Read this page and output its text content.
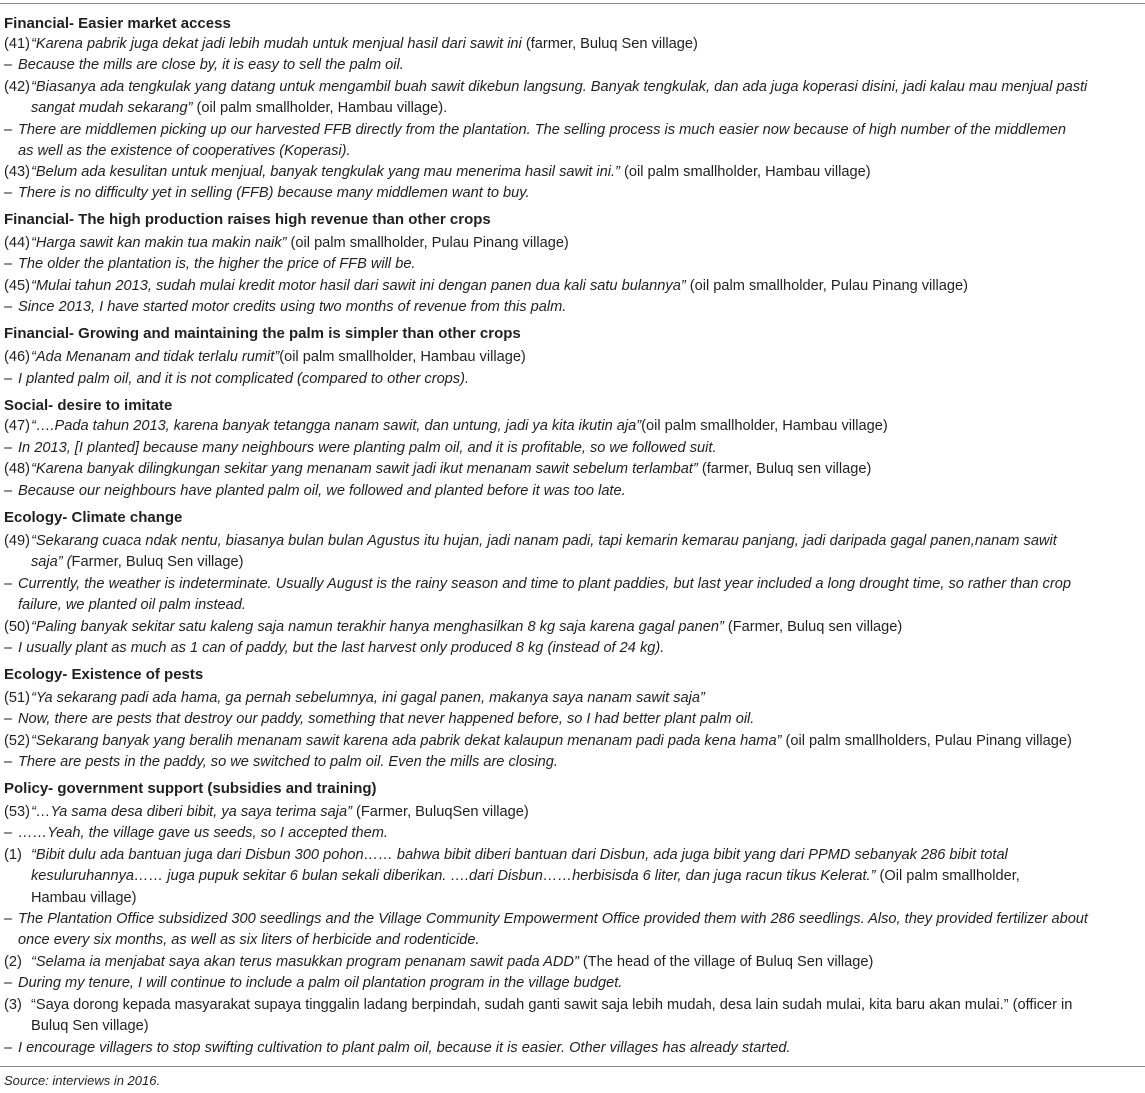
Financial- Easier market access
(41) “Karena pabrik juga dekat jadi lebih mudah untuk menjual hasil dari sawit ini (farmer, Buluq Sen village)
– Because the mills are close by, it is easy to sell the palm oil.
(42) “Biasanya ada tengkulak yang datang untuk mengambil buah sawit dikebun langsung. Banyak tengkulak, dan ada juga koperasi disini, jadi kalau mau menjual pasti
sangat mudah sekarang” (oil palm smallholder, Hambau village).
– There are middlemen picking up our harvested FFB directly from the plantation. The selling process is much easier now because of high number of the middlemen
as well as the existence of cooperatives (Koperasi).
(43) “Belum ada kesulitan untuk menjual, banyak tengkulak yang mau menerima hasil sawit ini.” (oil palm smallholder, Hambau village)
– There is no difficulty yet in selling (FFB) because many middlemen want to buy.
Financial- The high production raises high revenue than other crops
(44) “Harga sawit kan makin tua makin naik” (oil palm smallholder, Pulau Pinang village)
– The older the plantation is, the higher the price of FFB will be.
(45) “Mulai tahun 2013, sudah mulai kredit motor hasil dari sawit ini dengan panen dua kali satu bulannya” (oil palm smallholder, Pulau Pinang village)
– Since 2013, I have started motor credits using two months of revenue from this palm.
Financial- Growing and maintaining the palm is simpler than other crops
(46) “Ada Menanam and tidak terlalu rumit”(oil palm smallholder, Hambau village)
– I planted palm oil, and it is not complicated (compared to other crops).
Social- desire to imitate
(47) “….Pada tahun 2013, karena banyak tetangga nanam sawit, dan untung, jadi ya kita ikutin aja”(oil palm smallholder, Hambau village)
– In 2013, [I planted] because many neighbours were planting palm oil, and it is profitable, so we followed suit.
(48) “Karena banyak dilingkungan sekitar yang menanam sawit jadi ikut menanam sawit sebelum terlambat” (farmer, Buluq sen village)
– Because our neighbours have planted palm oil, we followed and planted before it was too late.
Ecology- Climate change
(49) “Sekarang cuaca ndak nentu, biasanya bulan bulan Agustus itu hujan, jadi nanam padi, tapi kemarin kemarau panjang, jadi daripada gagal panen,nanam sawit
saja” (Farmer, Buluq Sen village)
– Currently, the weather is indeterminate. Usually August is the rainy season and time to plant paddies, but last year included a long drought time, so rather than crop
failure, we planted oil palm instead.
(50) “Paling banyak sekitar satu kaleng saja namun terakhir hanya menghasilkan 8 kg saja karena gagal panen” (Farmer, Buluq sen village)
– I usually plant as much as 1 can of paddy, but the last harvest only produced 8 kg (instead of 24 kg).
Ecology- Existence of pests
(51) “Ya sekarang padi ada hama, ga pernah sebelumnya, ini gagal panen, makanya saya nanam sawit saja”
– Now, there are pests that destroy our paddy, something that never happened before, so I had better plant palm oil.
(52) “Sekarang banyak yang beralih menanam sawit karena ada pabrik dekat kalaupun menanam padi pada kena hama” (oil palm smallholders, Pulau Pinang village)
– There are pests in the paddy, so we switched to palm oil. Even the mills are closing.
Policy- government support (subsidies and training)
(53) “…Ya sama desa diberi bibit, ya saya terima saja” (Farmer, BuluqSen village)
– ……Yeah, the village gave us seeds, so I accepted them.
(1) “Bibit dulu ada bantuan juga dari Disbun 300 pohon…… bahwa bibit diberi bantuan dari Disbun, ada juga bibit yang dari PPMD sebanyak 286 bibit total
kesuluruhannya…… juga pupuk sekitar 6 bulan sekali diberikan. ….dari Disbun……herbisisda 6 liter, dan juga racun tikus Kelerat.” (Oil palm smallholder,
Hambau village)
– The Plantation Office subsidized 300 seedlings and the Village Community Empowerment Office provided them with 286 seedlings. Also, they provided fertilizer about
once every six months, as well as six liters of herbicide and rodenticide.
(2) “Selama ia menjabat saya akan terus masukkan program penanam sawit pada ADD” (The head of the village of Buluq Sen village)
– During my tenure, I will continue to include a palm oil plantation program in the village budget.
(3) “Saya dorong kepada masyarakat supaya tinggalin ladang berpindah, sudah ganti sawit saja lebih mudah, desa lain sudah mulai, kita baru akan mulai.” (officer in
Buluq Sen village)
– I encourage villagers to stop swifting cultivation to plant palm oil, because it is easier. Other villages has already started.
Source: interviews in 2016.
